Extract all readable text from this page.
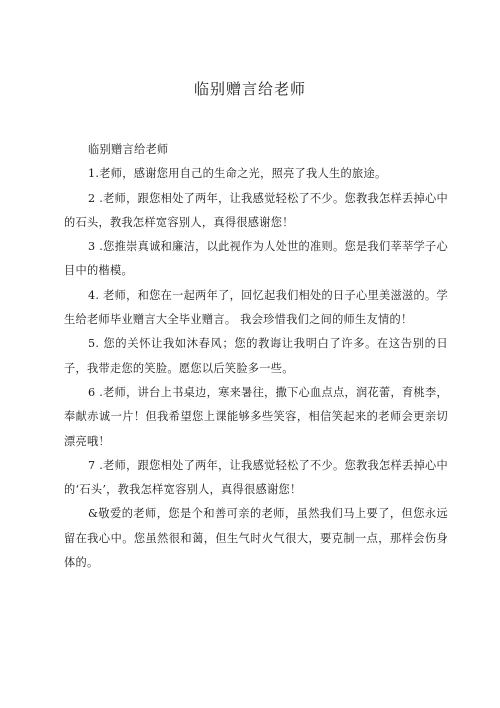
临别赠言给老师

临别赠言给老师

1.老师，感谢您用自己的生命之光，照亮了我人生的旅途。

2 .老师，跟您相处了两年，让我感觉轻松了不少。您教我怎样丢掉心中的石头，教我怎样宽容别人，真得很感谢您！

3 .您推崇真诚和廉洁，以此视作为人处世的准则。您是我们莘莘学子心目中的楷模。

4. 老师，和您在一起两年了，回忆起我们相处的日子心里美滋滋的。学生给老师毕业赠言大全毕业赠言。 我会珍惜我们之间的师生友情的！

5. 您的关怀让我如沐春风；您的教诲让我明白了许多。在这告别的日子，我带走您的笑脸。愿您以后笑脸多一些。

6 .老师，讲台上书桌边，寒来暑往，撒下心血点点，润花蕾，育桃李，奉献赤诚一片！但我希望您上课能够多些笑容，相信笑起来的老师会更亲切漂亮哦！

7 .老师，跟您相处了两年，让我感觉轻松了不少。您教我怎样丢掉心中的‘石头’，教我怎样宽容别人，真得很感谢您！

&敬爱的老师，您是个和善可亲的老师，虽然我们马上要了，但您永远留在我心中。您虽然很和蔼，但生气时火气很大，要克制一点，那样会伤身体的。
